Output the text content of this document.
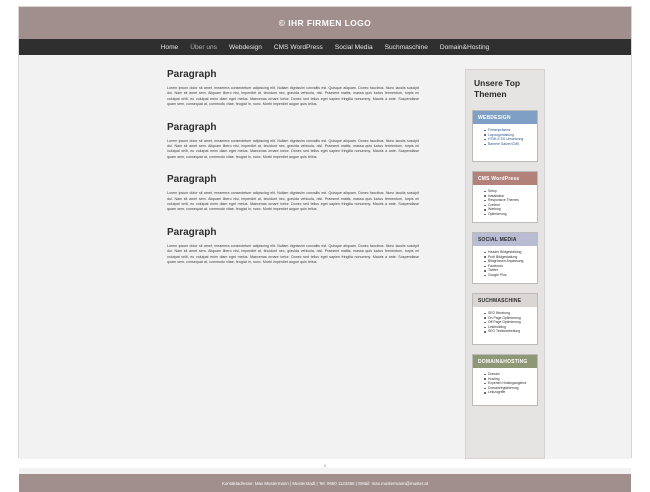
© IHR FIRMEN LOGO
Home Über uns Webdesign CMS WordPress Social Media Suchmaschine Domain&Hosting
Paragraph

Lorem ipsum dolor sit amet, meamera consectetuer adipiscing elit. Nullam dignissim convallis est. Quisque aliquam. Donec faucibus. Nunc iaculis suscipit dui. Nam sit amet sem. Aliquam libero nisi, imperdiet at, tincidunt nec, gravida vehicula, nisl. Praesent mattis, massa quis luctus fermentum, turpis mi volutpat velit, eu volutpat enim diam eget metus. Maecenas ornare tortor. Donec sed tellus eget sapien fringilla nonummy. Mauris a ante. Suspendisse quam sem, consequat at, commodo vitae, feugiat in, nunc. Morbi imperdiet augue quis tellus.

Paragraph

Lorem ipsum dolor sit amet, meamera consectetuer adipiscing elit. Nullam dignissim convallis est. Quisque aliquam. Donec faucibus. Nunc iaculis suscipit dui. Nam sit amet sem. Aliquam libero nisi, imperdiet at, tincidunt nec, gravida vehicula, nisl. Praesent mattis, massa quis luctus fermentum, turpis mi volutpat velit, eu volutpat enim diam eget metus. Maecenas ornare tortor. Donec sed tellus eget sapien fringilla nonummy. Mauris a ante. Suspendisse quam sem, consequat at, commodo vitae, feugiat in, nunc. Morbi imperdiet augue quis tellus.

Paragraph

Lorem ipsum dolor sit amet, meamera consectetuer adipiscing elit. Nullam dignissim convallis est. Quisque aliquam. Donec faucibus. Nunc iaculis suscipit dui. Nam sit amet sem. Aliquam libero nisi, imperdiet at, tincidunt nec, gravida vehicula, nisl. Praesent mattis, massa quis luctus fermentum, turpis mi volutpat velit, eu volutpat enim diam eget metus. Maecenas ornare tortor. Donec sed tellus eget sapien fringilla nonummy. Mauris a ante. Suspendisse quam sem, consequat at, commodo vitae, feugiat in, nunc. Morbi imperdiet augue quis tellus.

Paragraph

Lorem ipsum dolor sit amet, meamera consectetuer adipiscing elit. Nullam dignissim convallis est. Quisque aliquam. Donec faucibus. Nunc iaculis suscipit dui. Nam sit amet sem. Aliquam libero nisi, imperdiet at, tincidunt nec, gravida vehicula, nisl. Praesent mattis, massa quis luctus fermentum, turpis mi volutpat velit, eu volutpat enim diam eget metus. Maecenas ornare tortor. Donec sed tellus eget sapien fringilla nonummy. Mauris a ante. Suspendisse quam sem, consequat at, commodo vitae, feugiat in, nunc. Morbi imperdiet augue quis tellus.

Unsere Top Themen
WEBDESIGN
Firmenpräsenz
Layoutgestaltung
HTML/CSS Umsetzung
Barriere Satzer/CMS
CMS WordPress
Setup
Installation
Responsive Themes
Content
Wartung
Optimierung
SOCIAL MEDIA
Header Bildgestaltung
Profi Bildgestaltung
Bildgrössen Anpassung
Facebook
Twitter
Google Plus
SUCHMASCHINE
SEO Beratung
On Page Optimierung
Off Page Optimierung
Linkbuilding
SEO Textbearbeitung
DOMAIN&HOSTING
Domain
Hosting
Experten Hostingangebot
Domainregistrierung
Linkzugriffe
1
Kontaktadresse: Max Mustermann | Musterstadt | Tel: 0650 1123456 | EMail: max.mustermann@muster.at
